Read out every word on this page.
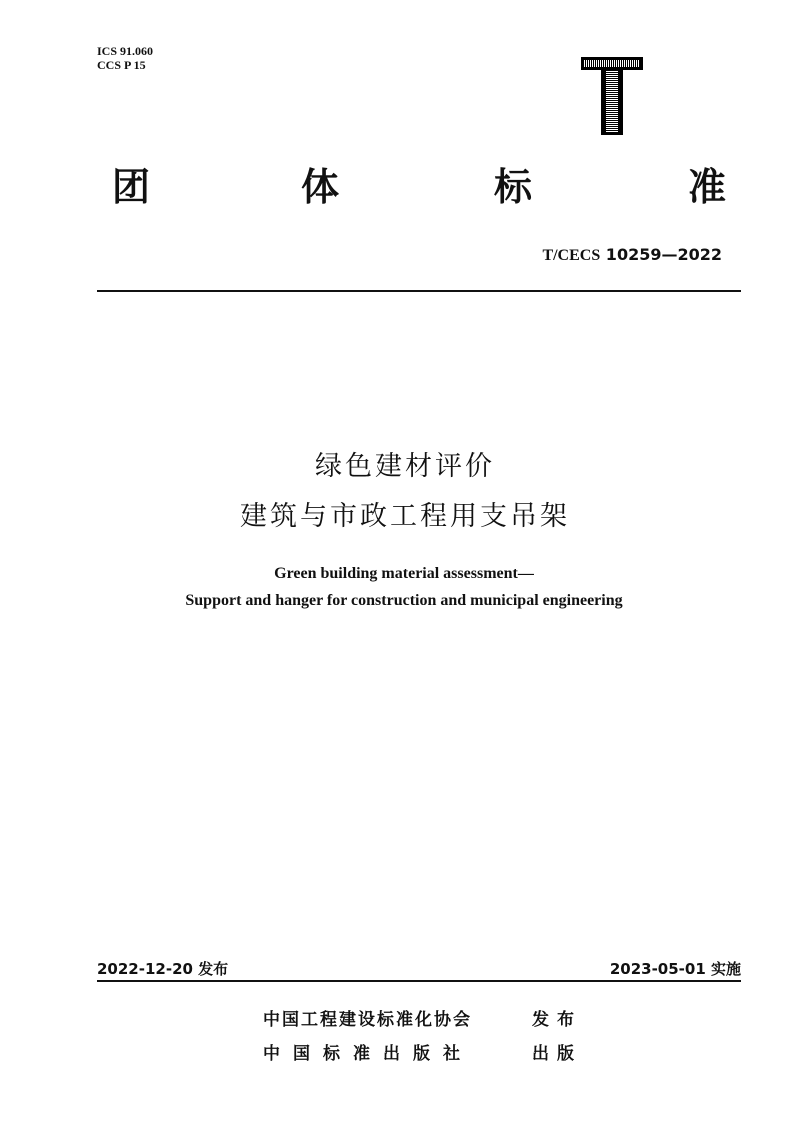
ICS 91.060
CCS P 15
团	体	标	准
T/CECS 10259—2022
绿色建材评价
建筑与市政工程用支吊架
Green building material assessment—
Support and hanger for construction and municipal engineering
2022-12-20 发布	2023-05-01 实施
中国工程建设标准化协会	发布
中国标准出版社	出版
